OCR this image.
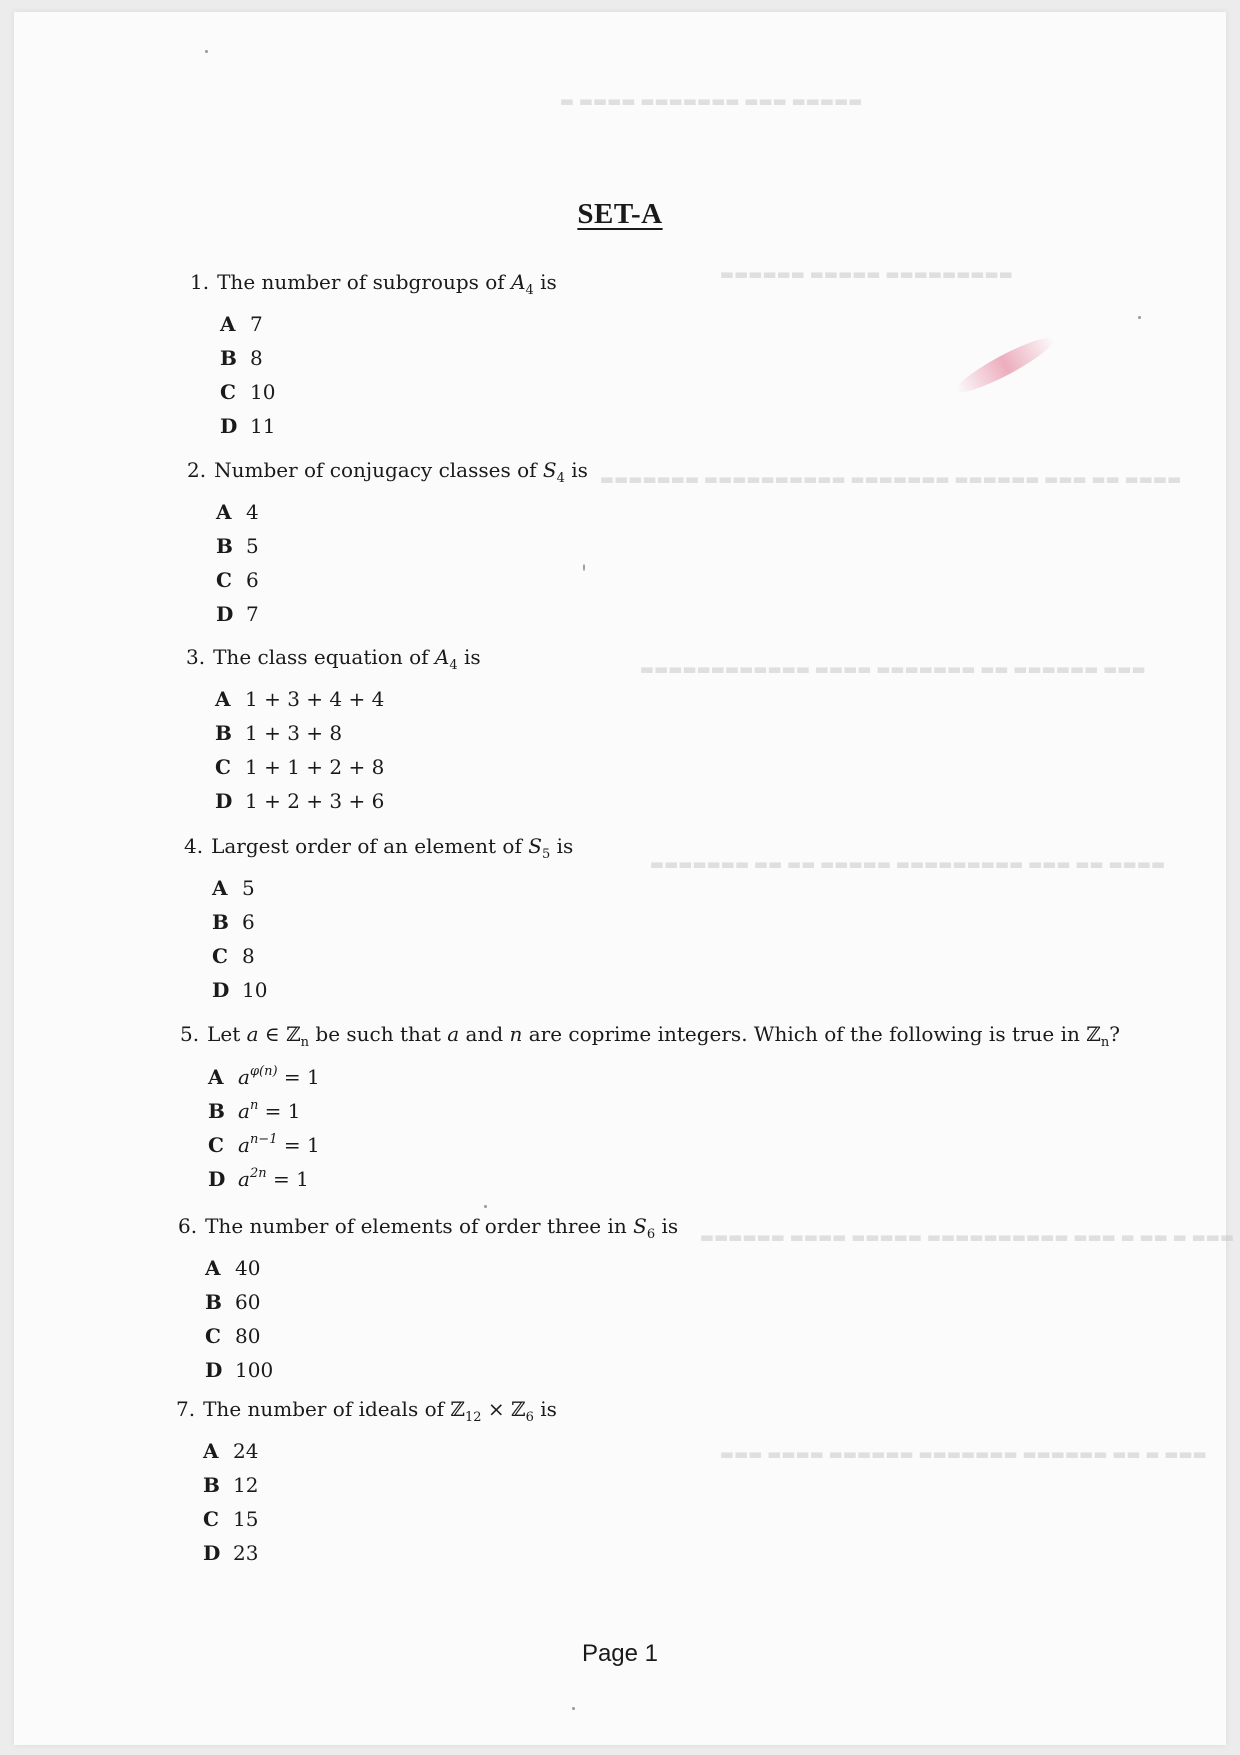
▬▬▬▬▬ ▬▬▬ ▬▬▬▬▬▬▬ ▬▬▬▬ ▬
▬▬▬▬▬▬▬▬▬ ▬▬▬▬▬ ▬▬▬▬▬▬
▬▬▬▬ ▬▬ ▬▬▬ ▬▬▬▬▬▬ ▬▬▬▬▬▬▬ ▬▬▬▬▬▬▬▬▬▬ ▬▬▬▬▬▬▬
▬▬▬ ▬▬▬▬▬▬ ▬▬ ▬▬▬▬▬▬▬ ▬▬▬▬ ▬▬▬▬▬▬▬▬▬▬▬▬
▬▬▬▬ ▬▬ ▬▬▬ ▬▬▬▬▬▬▬▬▬ ▬▬▬▬▬ ▬▬ ▬▬ ▬▬▬▬▬▬▬
▬▬▬ ▬ ▬▬ ▬ ▬▬▬ ▬▬▬▬▬▬▬▬▬▬ ▬▬▬▬▬ ▬▬▬▬ ▬▬▬▬▬▬
▬▬▬ ▬ ▬▬ ▬▬▬▬▬▬ ▬▬▬▬▬▬▬ ▬▬▬▬▬▬ ▬▬▬▬ ▬▬▬
SET-A
1. The number of subgroups of $A_4$ is
A 7
B 8
C 10
D 11
2. Number of conjugacy classes of $S_4$ is
A 4
B 5
C 6
D 7
3. The class equation of $A_4$ is
A 1 + 3 + 4 + 4
B 1 + 3 + 8
C 1 + 1 + 2 + 8
D 1 + 2 + 3 + 6
4. Largest order of an element of $S_5$ is
A 5
B 6
C 8
D 10
5. Let a ∈ ℤ$_n$ be such that a and n are coprime integers. Which of the following is true in ℤ$_n$?
A $a^{\varphi(n)} = 1$
B $a^n = 1$
C $a^{n-1} = 1$
D $a^{2n} = 1$
6. The number of elements of order three in $S_6$ is
A 40
B 60
C 80
D 100
7. The number of ideals of ℤ$_{12}$ × ℤ$_6$ is
A 24
B 12
C 15
D 23
Page 1
